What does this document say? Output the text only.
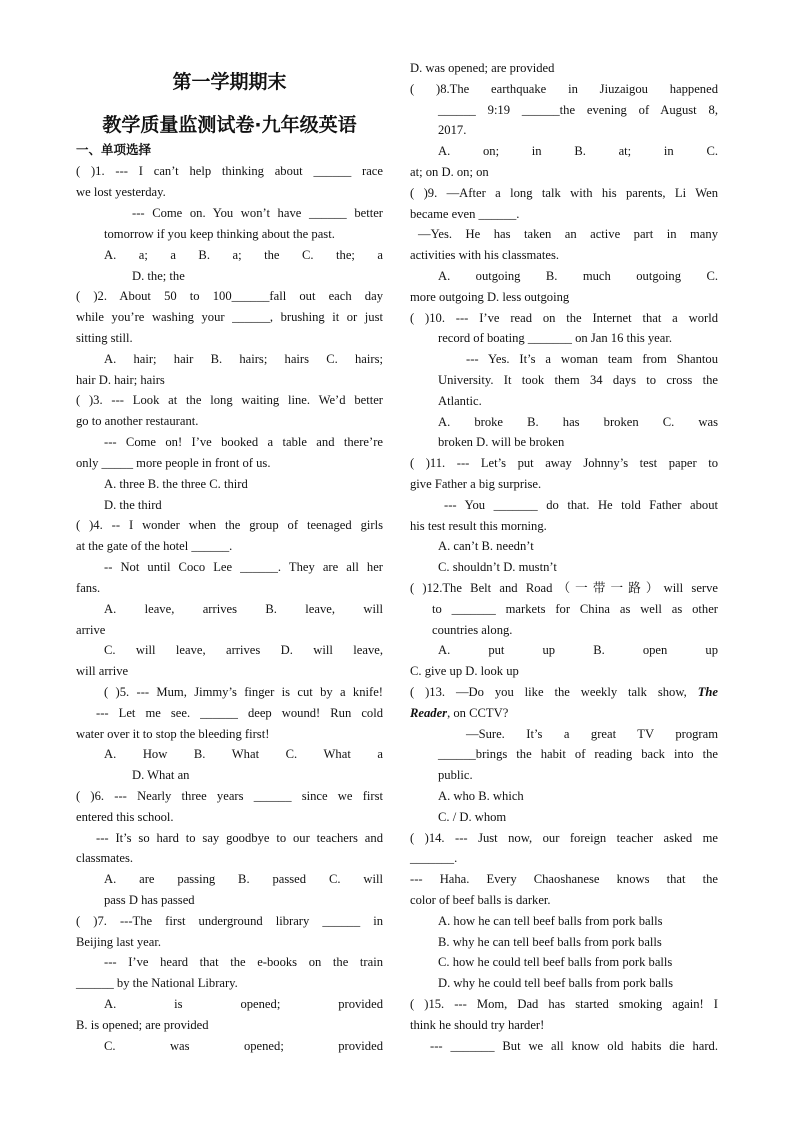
第一学期期末
教学质量监测试卷·九年级英语
一、单项选择
( )1. --- I can’t help thinking about ______ race
we lost yesterday.
--- Come on. You won’t have ______ better
tomorrow if you keep thinking about the past.
A. a; a B. a; the C. the; a
D. the; the
( )2. About 50 to 100______fall out each day
while you’re washing your ______, brushing it or just
sitting still.
A. hair; hair B. hairs; hairs C. hairs;
hair D. hair; hairs
( )3. --- Look at the long waiting line. We’d better
go to another restaurant.
--- Come on! I’ve booked a table and there’re
only _____ more people in front of us.
A. three B. the three C. third
D. the third
( )4. -- I wonder when the group of teenaged girls
at the gate of the hotel ______.
-- Not until Coco Lee ______. They are all her
fans.
A. leave, arrives B. leave, will
arrive
C. will leave, arrives D. will leave,
will arrive
( )5. --- Mum, Jimmy’s finger is cut by a knife!
--- Let me see. ______ deep wound! Run cold
water over it to stop the bleeding first!
A. How B. What C. What a
D. What an
( )6. --- Nearly three years ______ since we first
entered this school.
--- It’s so hard to say goodbye to our teachers and
classmates.
A. are passing B. passed C. will
pass D has passed
( )7. ---The first underground library ______ in
Beijing last year.
--- I’ve heard that the e-books on the train
______ by the National Library.
A. is opened; provided
B. is opened; are provided
C. was opened; provided
D. was opened; are provided
( )8.The earthquake in Jiuzaigou happened
______ 9:19 ______the evening of August 8,
2017.
A. on; in B. at; in C.
at; on D. on; on
( )9. —After a long talk with his parents, Li Wen
became even ______.
—Yes. He has taken an active part in many
activities with his classmates.
A. outgoing B. much outgoing C.
more outgoing D. less outgoing
( )10. --- I’ve read on the Internet that a world
record of boating _______ on Jan 16 this year.
--- Yes. It’s a woman team from Shantou
University. It took them 34 days to cross the
Atlantic.
A. broke B. has broken C. was
broken D. will be broken
( )11. --- Let’s put away Johnny’s test paper to
give Father a big surprise.
--- You _______ do that. He told Father about
his test result this morning.
A. can’t B. needn’t
C. shouldn’t D. mustn’t
( )12.The Belt and Road（一带一路）will serve
to _______ markets for China as well as other
countries along.
A. put up B. open up
C. give up D. look up
( )13. —Do you like the weekly talk show, The
Reader, on CCTV?
—Sure. It’s a great TV program
______brings the habit of reading back into the
public.
A. who B. which
C. / D. whom
( )14. --- Just now, our foreign teacher asked me
_______.
--- Haha. Every Chaoshanese knows that the
color of beef balls is darker.
A. how he can tell beef balls from pork balls
B. why he can tell beef balls from pork balls
C. how he could tell beef balls from pork balls
D. why he could tell beef balls from pork balls
( )15. --- Mom, Dad has started smoking again! I
think he should try harder!
--- _______ But we all know old habits die hard.
